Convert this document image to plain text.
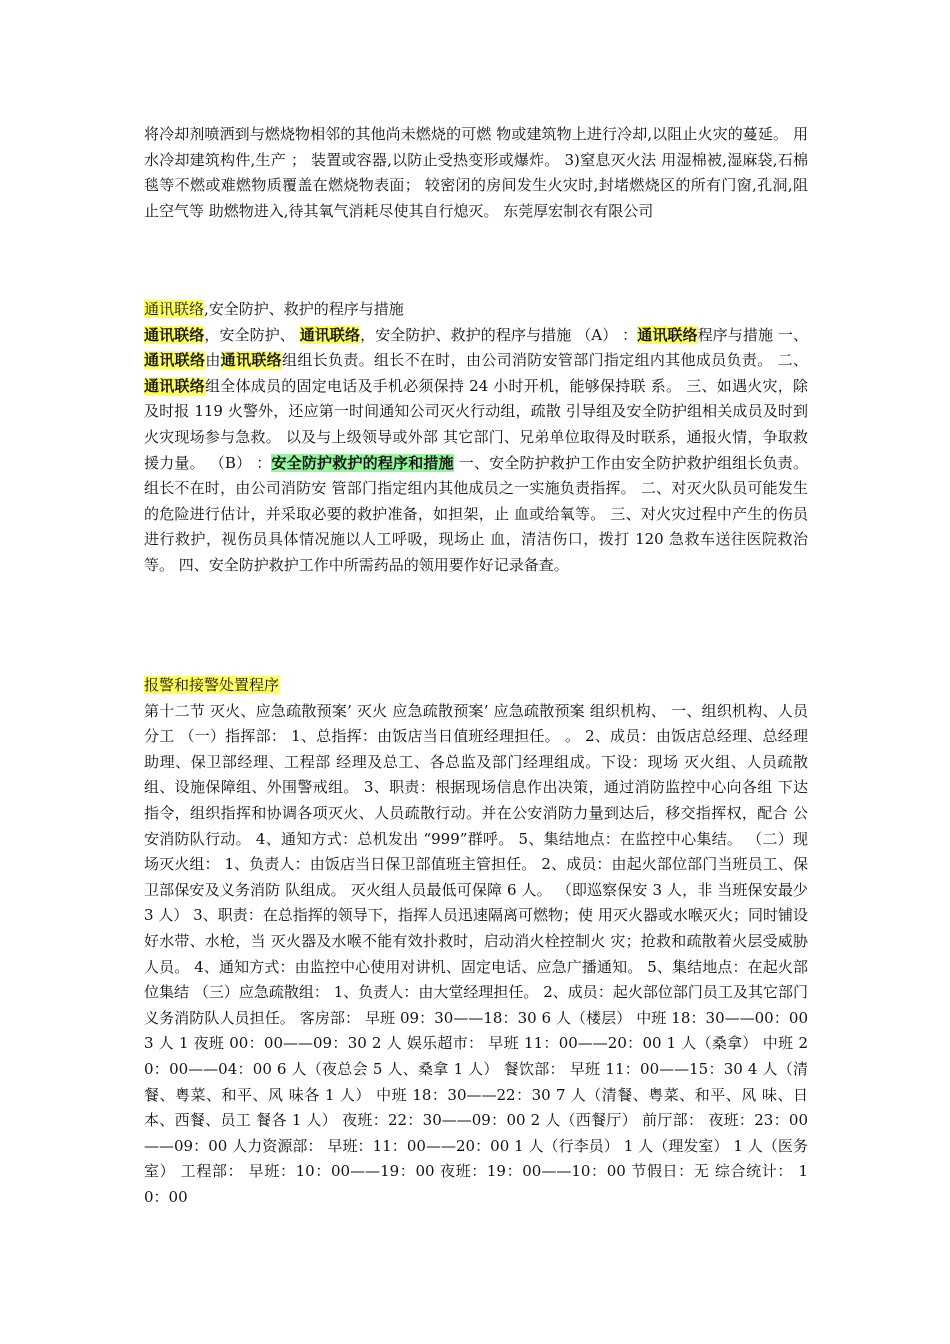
将冷却剂喷洒到与燃烧物相邻的其他尚未燃烧的可燃 物或建筑物上进行冷却,以阻止火灾的蔓延。 用水冷却建筑构件,生产 ； 装置或容器,以防止受热变形或爆炸。 3)窒息灭火法 用湿棉被,湿麻袋,石棉毯等不燃或难燃物质覆盖在燃烧物表面； 较密闭的房间发生火灾时,封堵燃烧区的所有门窗,孔洞,阻止空气等 助燃物进入,待其氧气消耗尽使其自行熄灭。 东莞厚宏制衣有限公司
通讯联络,安全防护、救护的程序与措施
通讯联络，安全防护、 通讯联络，安全防护、救护的程序与措施 （A） ：通讯联络程序与措施 一、通讯联络由通讯联络组组长负责。组长不在时，由公司消防安管部门指定组内其他成员负责。 二、通讯联络组全体成员的固定电话及手机必须保持 24 小时开机，能够保持联 系。 三、如遇火灾，除及时报 119 火警外，还应第一时间通知公司灭火行动组，疏散 引导组及安全防护组相关成员及时到火灾现场参与急救。 以及与上级领导或外部 其它部门、兄弟单位取得及时联系，通报火情，争取救援力量。 （B） ：安全防护救护的程序和措施 一、安全防护救护工作由安全防护救护组组长负责。组长不在时，由公司消防安 管部门指定组内其他成员之一实施负责指挥。 二、对灭火队员可能发生的危险进行估计，并采取必要的救护准备，如担架，止 血或给氧等。 三、对火灾过程中产生的伤员进行救护，视伤员具体情况施以人工呼吸，现场止 血，清洁伤口，拨打 120 急救车送往医院救治等。 四、安全防护救护工作中所需药品的领用要作好记录备查。
报警和接警处置程序
第十二节 灭火、应急疏散预案’ 灭火 应急疏散预案’ 应急疏散预案 组织机构、 一、组织机构、人员分工 （一）指挥部： 1、总指挥：由饭店当日值班经理担任。 。 2、成员：由饭店总经理、总经理助理、保卫部经理、工程部 经理及总工、各总监及部门经理组成。下设：现场 灭火组、人员疏散组、设施保障组、外围警戒组。 3、职责：根据现场信息作出决策，通过消防监控中心向各组 下达指令，组织指挥和协调各项灭火、人员疏散行动。并在公安消防力量到达后，移交指挥权，配合 公安消防队行动。 4、通知方式：总机发出 “999”群呼。 5、集结地点：在监控中心集结。 （二）现场灭火组： 1、负责人：由饭店当日保卫部值班主管担任。 2、成员：由起火部位部门当班员工、保卫部保安及义务消防 队组成。 灭火组人员最低可保障 6 人。 （即巡察保安 3 人，非 当班保安最少 3 人） 3、职责：在总指挥的领导下，指挥人员迅速隔离可燃物；使 用灭火器或水喉灭火；同时铺设好水带、水枪，当 灭火器及水喉不能有效扑救时，启动消火栓控制火 灾；抢救和疏散着火层受威胁人员。 4、通知方式：由监控中心使用对讲机、固定电话、应急广播通知。 5、集结地点：在起火部位集结 （三）应急疏散组： 1、负责人：由大堂经理担任。 2、成员：起火部位部门员工及其它部门义务消防队人员担任。 客房部： 早班 09：30——18：30 6 人（楼层） 中班 18：30——00：00 3 人 1 夜班 00：00——09：30 2 人 娱乐超市： 早班 11：00——20：00 1 人（桑拿） 中班 20：00——04：00 6 人（夜总会 5 人、桑拿 1 人） 餐饮部： 早班 11：00——15：30 4 人（清餐、粤菜、和平、风 味各 1 人） 中班 18：30——22：30 7 人（清餐、粤菜、和平、风 味、日本、西餐、员工 餐各 1 人） 夜班：22：30——09：00 2 人（西餐厅） 前厅部： 夜班：23：00——09：00 人力资源部： 早班：11：00——20：00 1 人（行李员） 1 人（理发室） 1 人（医务室） 工程部： 早班：10：00——19：00 夜班：19：00——10：00 节假日：无 综合统计： 10：00
